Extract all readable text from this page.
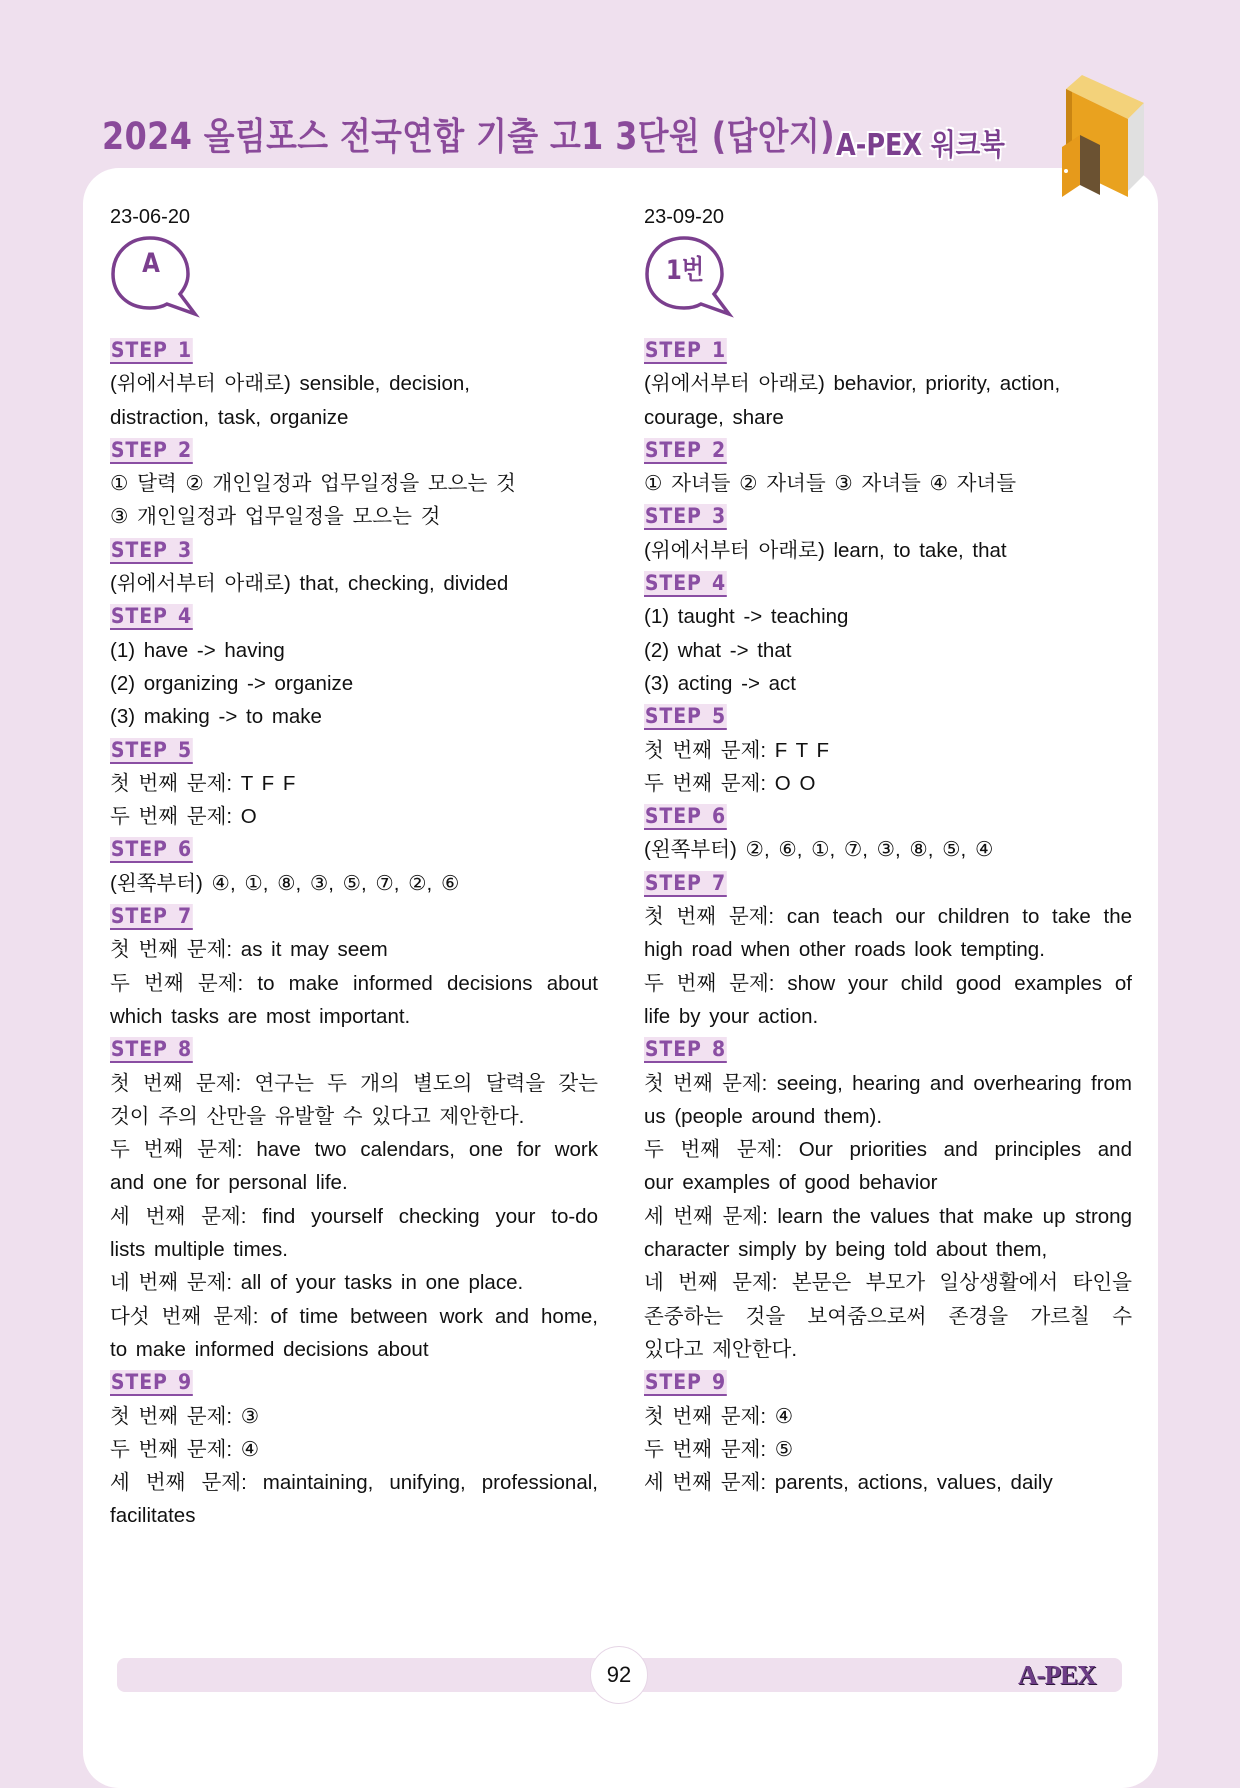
2024 올림포스 전국연합 기출 고1 3단원 (답안지) A-PEX 워크북
23-06-20
A
STEP 1
(위에서부터 아래로) sensible, decision,
distraction, task, organize
STEP 2
① 달력 ② 개인일정과 업무일정을 모으는 것
③ 개인일정과 업무일정을 모으는 것
STEP 3
(위에서부터 아래로) that, checking, divided
STEP 4
(1) have -> having
(2) organizing -> organize
(3) making -> to make
STEP 5
첫 번째 문제: T F F
두 번째 문제: O
STEP 6
(왼쪽부터) ④, ①, ⑧, ③, ⑤, ⑦, ②, ⑥
STEP 7
첫 번째 문제: as it may seem
두 번째 문제: to make informed decisions about
which tasks are most important.
STEP 8
첫 번째 문제: 연구는 두 개의 별도의 달력을 갖는
것이 주의 산만을 유발할 수 있다고 제안한다.
두 번째 문제: have two calendars, one for work
and one for personal life.
세 번째 문제: find yourself checking your to-do
lists multiple times.
네 번째 문제: all of your tasks in one place.
다섯 번째 문제: of time between work and home,
to make informed decisions about
STEP 9
첫 번째 문제: ③
두 번째 문제: ④
세 번째 문제: maintaining, unifying, professional,
facilitates
23-09-20
1번
STEP 1
(위에서부터 아래로) behavior, priority, action,
courage, share
STEP 2
① 자녀들 ② 자녀들 ③ 자녀들 ④ 자녀들
STEP 3
(위에서부터 아래로) learn, to take, that
STEP 4
(1) taught -> teaching
(2) what -> that
(3) acting -> act
STEP 5
첫 번째 문제: F T F
두 번째 문제: O O
STEP 6
(왼쪽부터) ②, ⑥, ①, ⑦, ③, ⑧, ⑤, ④
STEP 7
첫 번째 문제: can teach our children to take the
high road when other roads look tempting.
두 번째 문제: show your child good examples of
life by your action.
STEP 8
첫 번째 문제: seeing, hearing and overhearing from
us (people around them).
두 번째 문제: Our priorities and principles and
our examples of good behavior
세 번째 문제: learn the values that make up strong
character simply by being told about them,
네 번째 문제: 본문은 부모가 일상생활에서 타인을
존중하는 것을 보여줌으로써 존경을 가르칠 수
있다고 제안한다.
STEP 9
첫 번째 문제: ④
두 번째 문제: ⑤
세 번째 문제: parents, actions, values, daily
92	A-PEX
